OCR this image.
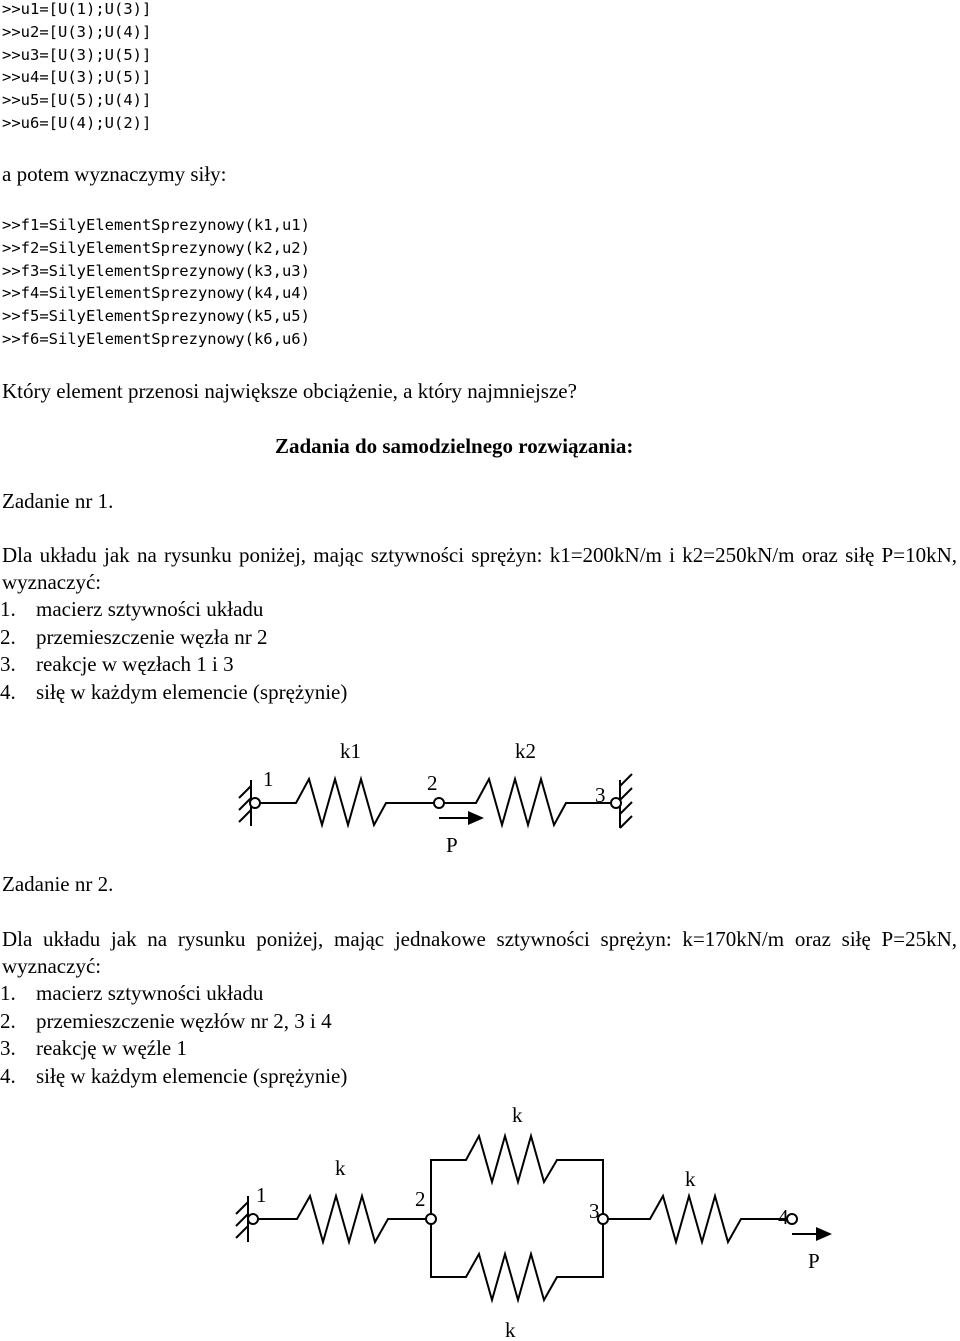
>>u1=[U(1);U(3)]
>>u2=[U(3);U(4)]
>>u3=[U(3);U(5)]
>>u4=[U(3);U(5)]
>>u5=[U(5);U(4)]
>>u6=[U(4);U(2)]
a potem wyznaczymy siły:
>>f1=SilyElementSprezynowy(k1,u1)
>>f2=SilyElementSprezynowy(k2,u2)
>>f3=SilyElementSprezynowy(k3,u3)
>>f4=SilyElementSprezynowy(k4,u4)
>>f5=SilyElementSprezynowy(k5,u5)
>>f6=SilyElementSprezynowy(k6,u6)
Który element przenosi największe obciążenie, a który najmniejsze?
Zadania do samodzielnego rozwiązania:
Zadanie nr 1.
Dla układu jak na rysunku poniżej, mając sztywności sprężyn: k1=200kN/m i k2=250kN/m oraz siłę P=10kN, wyznaczyć:
1. macierz sztywności układu
2. przemieszczenie węzła nr 2
3. reakcje w węzłach 1 i 3
4. siłę w każdym elemencie (sprężynie)
k1	k2
1	2	3
P
Zadanie nr 2.
Dla układu jak na rysunku poniżej, mając jednakowe sztywności sprężyn: k=170kN/m oraz siłę P=25kN, wyznaczyć:
1. macierz sztywności układu
2. przemieszczenie węzłów nr 2, 3 i 4
3. reakcję w węźle 1
4. siłę w każdym elemencie (sprężynie)
k
k	k
k
1	2	3	4
P
